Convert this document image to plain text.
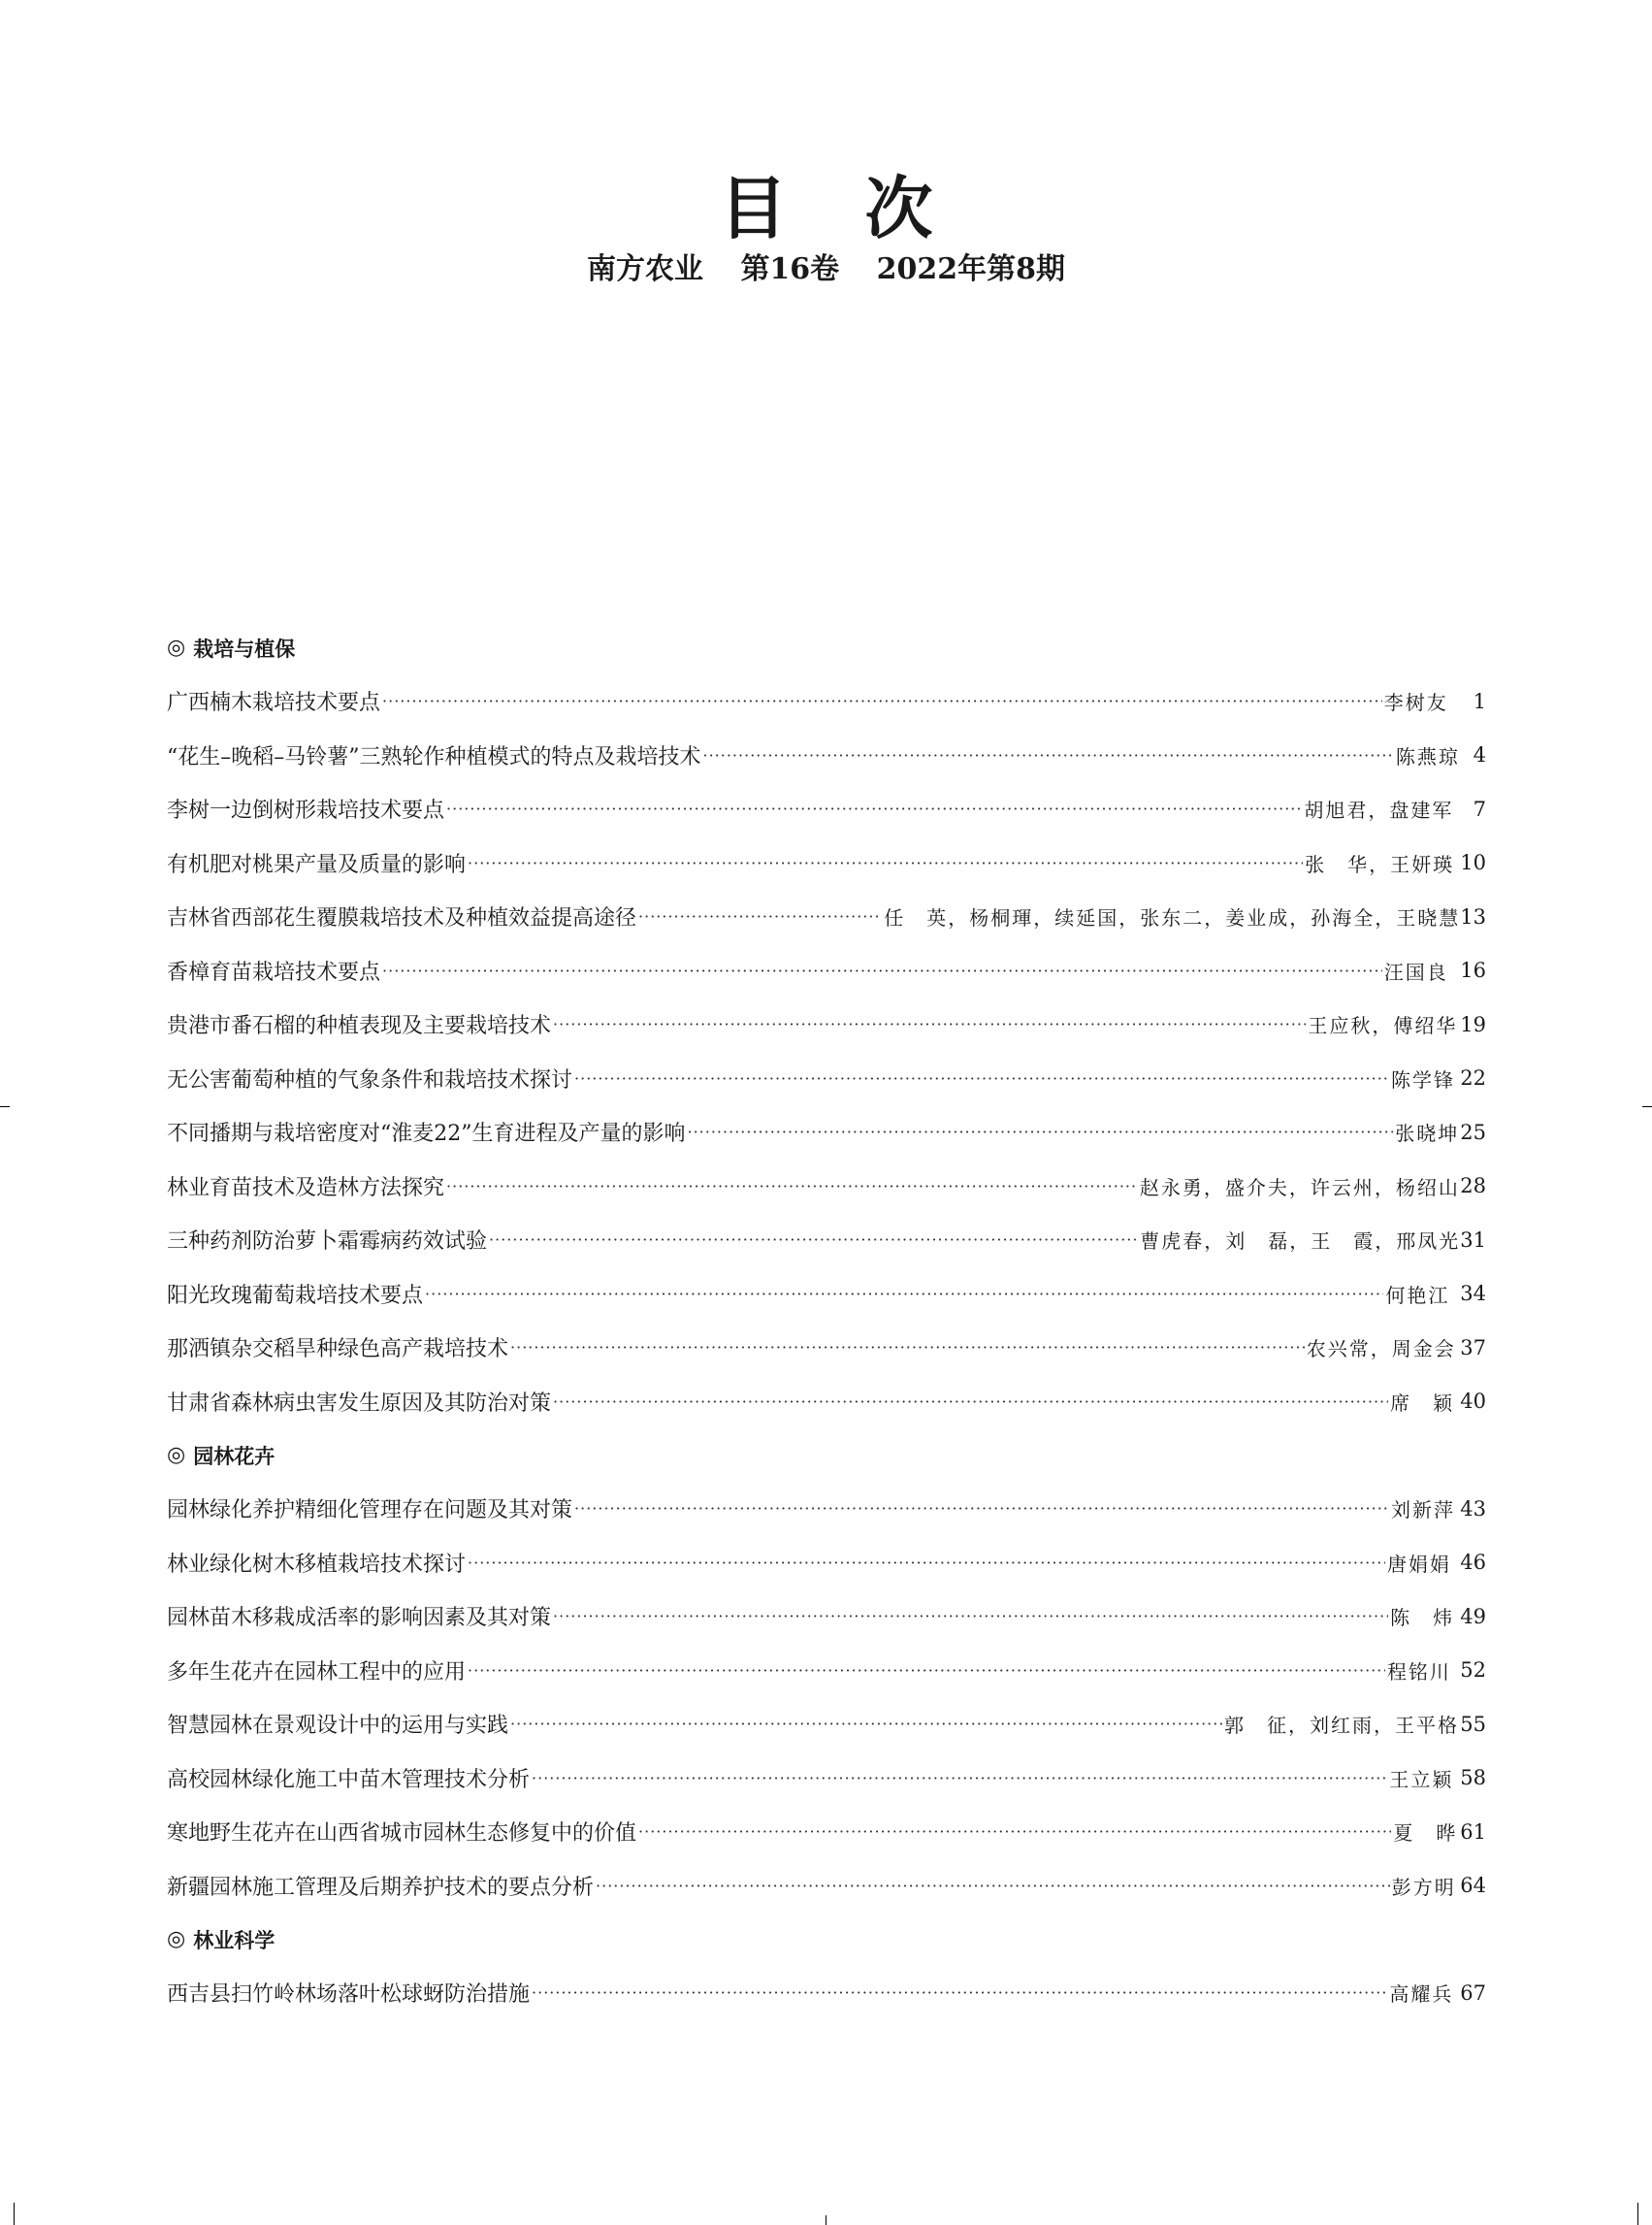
目次
南方农业 第16卷 2022年第8期
◎ 栽培与植保
广西楠木栽培技术要点 ·····	李树友	1
“花生–晚稻–马铃薯”三熟轮作种植模式的特点及栽培技术 ·····	陈燕琼 4
李树一边倒树形栽培技术要点 ·····	胡旭君，盘建军 7
有机肥对桃果产量及质量的影响 ·····	张　华，王妍瑛 10
吉林省西部花生覆膜栽培技术及种植效益提高途径 ·····	任　英，杨桐琿，续延国，张东二，姜业成，孙海全，王晓慧 13
香樟育苗栽培技术要点 ·····	汪国良 16
贵港市番石榴的种植表现及主要栽培技术 ·····	王应秋，傅绍华 19
无公害葡萄种植的气象条件和栽培技术探讨 ·····	陈学锋 22
不同播期与栽培密度对“淮麦22”生育进程及产量的影响 ·····	张晓坤 25
林业育苗技术及造林方法探究 ·····	赵永勇，盛介夫，许云州，杨绍山 28
三种药剂防治萝卜霜霉病药效试验 ·····	曹虎春，刘　磊，王　霞，邢凤光 31
阳光玫瑰葡萄栽培技术要点 ·····	何艳江 34
那洒镇杂交稻旱种绿色高产栽培技术 ·····	农兴常，周金会 37
甘肃省森林病虫害发生原因及其防治对策 ·····	席　颖 40
◎ 园林花卉
园林绿化养护精细化管理存在问题及其对策 ·····	刘新萍 43
林业绿化树木移植栽培技术探讨 ·····	唐娟娟 46
园林苗木移栽成活率的影响因素及其对策 ·····	陈　炜 49
多年生花卉在园林工程中的应用 ·····	程铭川 52
智慧园林在景观设计中的运用与实践 ·····	郭　征，刘红雨，王平格 55
高校园林绿化施工中苗木管理技术分析 ·····	王立颖 58
寒地野生花卉在山西省城市园林生态修复中的价值 ·····	夏　晔 61
新疆园林施工管理及后期养护技术的要点分析 ·····	彭方明 64
◎ 林业科学
西吉县扫竹岭林场落叶松球蚜防治措施 ·····	高耀兵 67
